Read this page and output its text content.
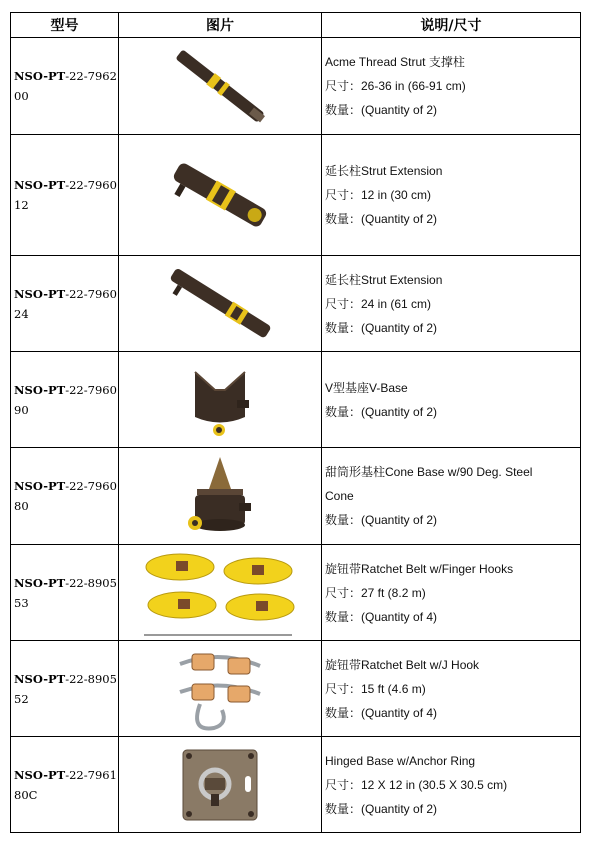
型号	图片	说明/尺寸
NSO-PT-22-796200		Acme Thread Strut 支撑柱
尺寸：26-36 in (66-91 cm)
数量：(Quantity of 2)

NSO-PT-22-796012		延长柱Strut Extension
尺寸：12 in (30 cm)
数量：(Quantity of 2)

NSO-PT-22-796024		延长柱Strut Extension
尺寸：24 in (61 cm)
数量：(Quantity of 2)

NSO-PT-22-796090		V型基座V-Base
数量：(Quantity of 2)

NSO-PT-22-796080		甜筒形基柱Cone Base w/90 Deg. Steel
Cone
数量：(Quantity of 2)

NSO-PT-22-890553		旋钮带Ratchet Belt w/Finger Hooks
尺寸：27 ft (8.2 m)
数量：(Quantity of 4)

NSO-PT-22-890552		旋钮带Ratchet Belt w/J Hook
尺寸：15 ft (4.6 m)
数量：(Quantity of 4)

NSO-PT-22-796180C		Hinged Base w/Anchor Ring
尺寸：12 X 12 in (30.5 X 30.5 cm)
数量：(Quantity of 2)
